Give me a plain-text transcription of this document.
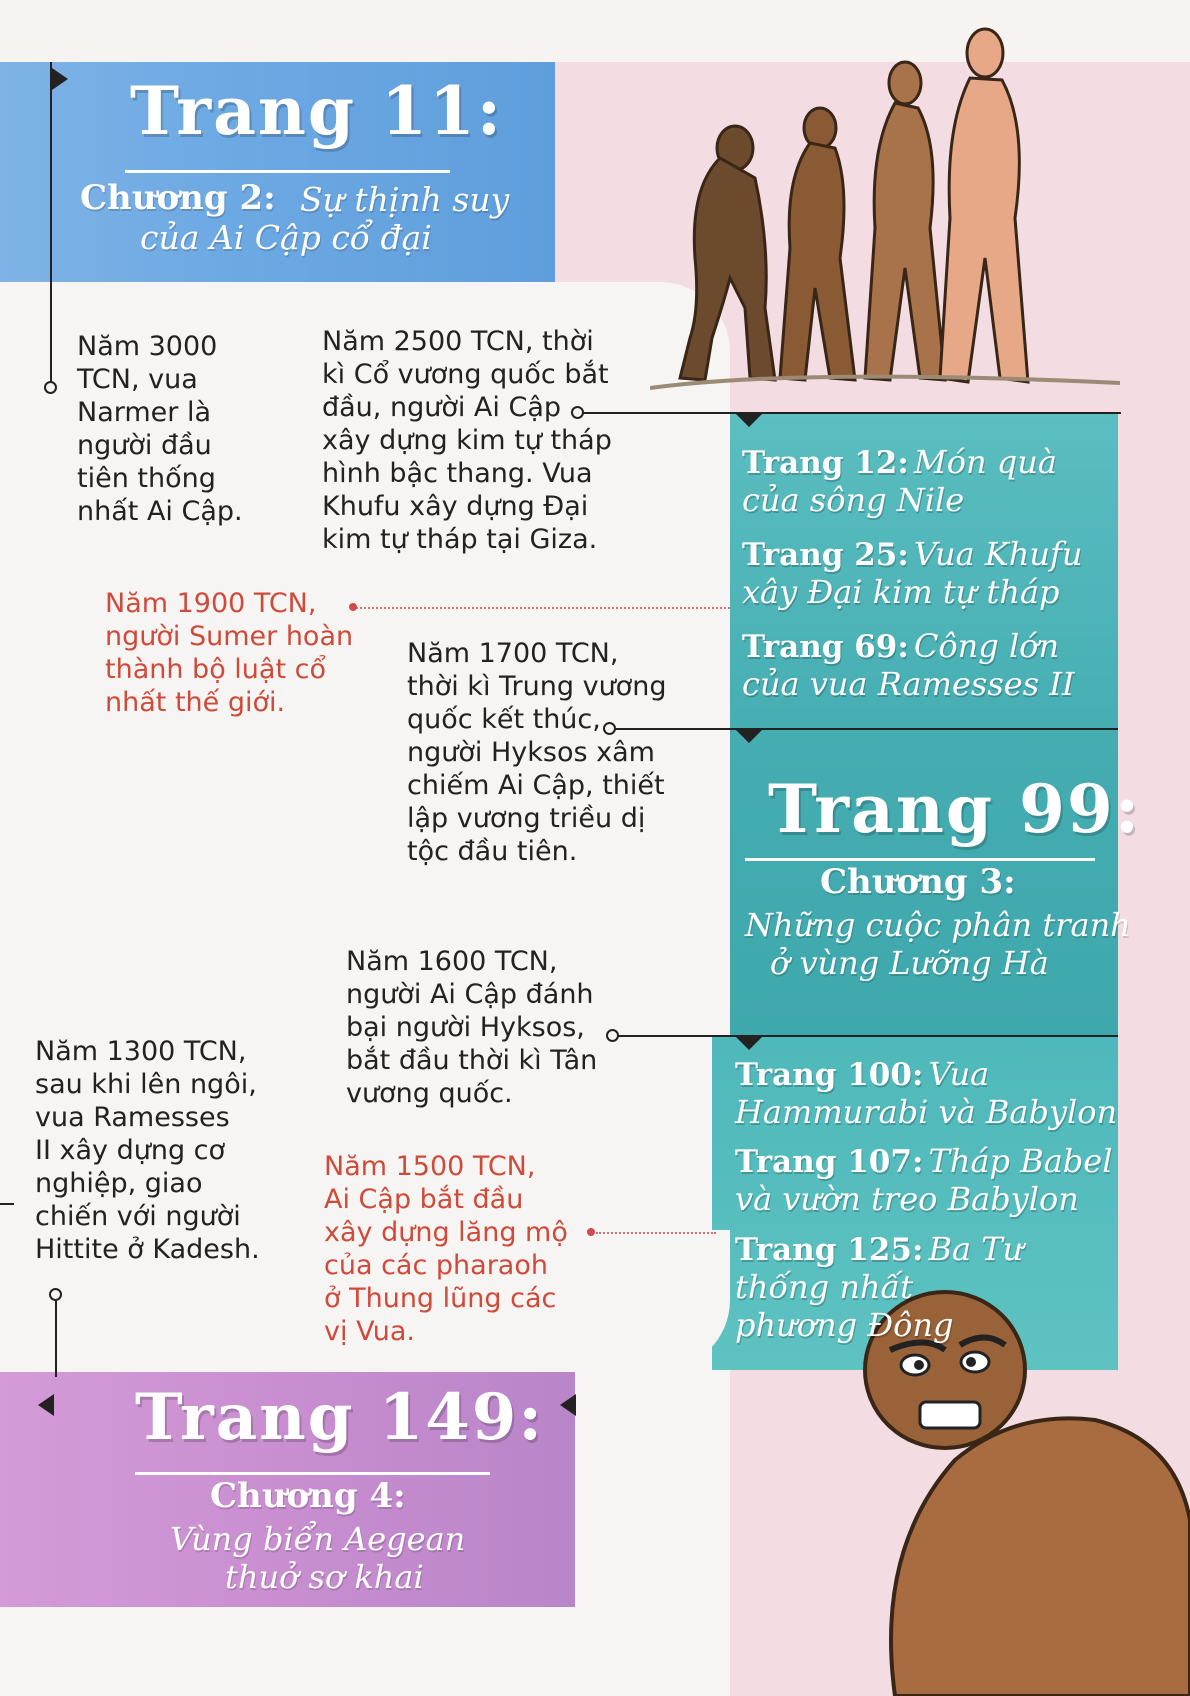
Trang 11:
Chương 2: Sự thịnh suy
của Ai Cập cổ đại

Trang 12: Món quà
của sông Nile

Trang 25: Vua Khufu
xây Đại kim tự tháp

Trang 69: Công lớn
của vua Ramesses II

Trang 99:
Chương 3:
Những cuộc phân tranh
ở vùng Lưỡng Hà

Trang 100: Vua
Hammurabi và Babylon

Trang 107: Tháp Babel
và vườn treo Babylon

Trang 125: Ba Tư
thống nhất
phương Đông

Trang 149:
Chương 4:
Vùng biển Aegean
thuở sơ khai
Năm 3000
TCN, vua
Narmer là
người đầu
tiên thống
nhất Ai Cập.
Năm 2500 TCN, thời
kì Cổ vương quốc bắt
đầu, người Ai Cập
xây dựng kim tự tháp
hình bậc thang. Vua
Khufu xây dựng Đại
kim tự tháp tại Giza.
Năm 1900 TCN,
người Sumer hoàn
thành bộ luật cổ
nhất thế giới.
Năm 1700 TCN,
thời kì Trung vương
quốc kết thúc,
người Hyksos xâm
chiếm Ai Cập, thiết
lập vương triều dị
tộc đầu tiên.
Năm 1600 TCN,
người Ai Cập đánh
bại người Hyksos,
bắt đầu thời kì Tân
vương quốc.
Năm 1300 TCN,
sau khi lên ngôi,
vua Ramesses
II xây dựng cơ
nghiệp, giao
chiến với người
Hittite ở Kadesh.
Năm 1500 TCN,
Ai Cập bắt đầu
xây dựng lăng mộ
của các pharaoh
ở Thung lũng các
vị Vua.
